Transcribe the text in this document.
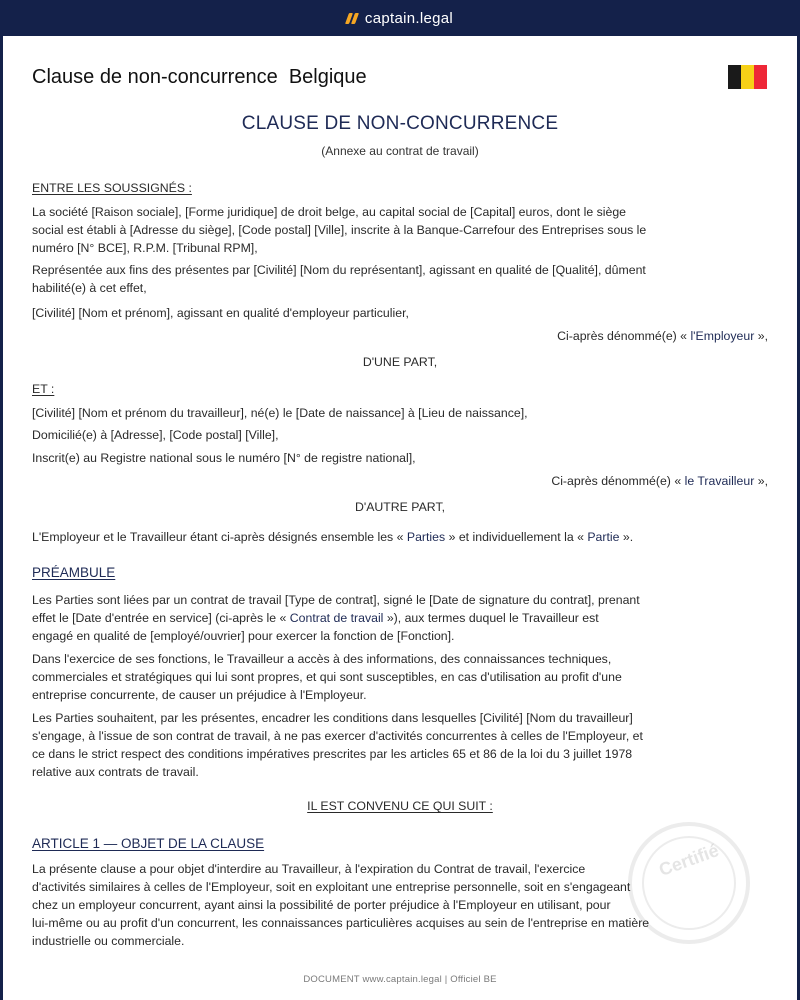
captain.legal
Clause de non-concurrence Belgique
CLAUSE DE NON-CONCURRENCE
(Annexe au contrat de travail)
ENTRE LES SOUSSIGNÉS :
La société [Raison sociale], [Forme juridique] de droit belge, au capital social de [Capital] euros, dont le siège
social est établi à [Adresse du siège], [Code postal] [Ville], inscrite à la Banque-Carrefour des Entreprises sous le
numéro [N° BCE], R.P.M. [Tribunal RPM],
Représentée aux fins des présentes par [Civilité] [Nom du représentant], agissant en qualité de [Qualité], dûment
habilité(e) à cet effet,
[Civilité] [Nom et prénom], agissant en qualité d'employeur particulier,
Ci-après dénommé(e) « l'Employeur »,
D'UNE PART,
ET :
[Civilité] [Nom et prénom du travailleur], né(e) le [Date de naissance] à [Lieu de naissance],
Domicilié(e) à [Adresse], [Code postal] [Ville],
Inscrit(e) au Registre national sous le numéro [N° de registre national],
Ci-après dénommé(e) « le Travailleur »,
D'AUTRE PART,
L'Employeur et le Travailleur étant ci-après désignés ensemble les « Parties » et individuellement la « Partie ».
PRÉAMBULE
Les Parties sont liées par un contrat de travail [Type de contrat], signé le [Date de signature du contrat], prenant
effet le [Date d'entrée en service] (ci-après le « Contrat de travail »), aux termes duquel le Travailleur est
engagé en qualité de [employé/ouvrier] pour exercer la fonction de [Fonction].
Dans l'exercice de ses fonctions, le Travailleur a accès à des informations, des connaissances techniques,
commerciales et stratégiques qui lui sont propres, et qui sont susceptibles, en cas d'utilisation au profit d'une
entreprise concurrente, de causer un préjudice à l'Employeur.
Les Parties souhaitent, par les présentes, encadrer les conditions dans lesquelles [Civilité] [Nom du travailleur]
s'engage, à l'issue de son contrat de travail, à ne pas exercer d'activités concurrentes à celles de l'Employeur, et
ce dans le strict respect des conditions impératives prescrites par les articles 65 et 86 de la loi du 3 juillet 1978
relative aux contrats de travail.
IL EST CONVENU CE QUI SUIT :
Certifié
ARTICLE 1 — OBJET DE LA CLAUSE
La présente clause a pour objet d'interdire au Travailleur, à l'expiration du Contrat de travail, l'exercice
d'activités similaires à celles de l'Employeur, soit en exploitant une entreprise personnelle, soit en s'engageant
chez un employeur concurrent, ayant ainsi la possibilité de porter préjudice à l'Employeur en utilisant, pour
lui-même ou au profit d'un concurrent, les connaissances particulières acquises au sein de l'entreprise en matière
industrielle ou commerciale.
DOCUMENT www.captain.legal | Officiel BE
